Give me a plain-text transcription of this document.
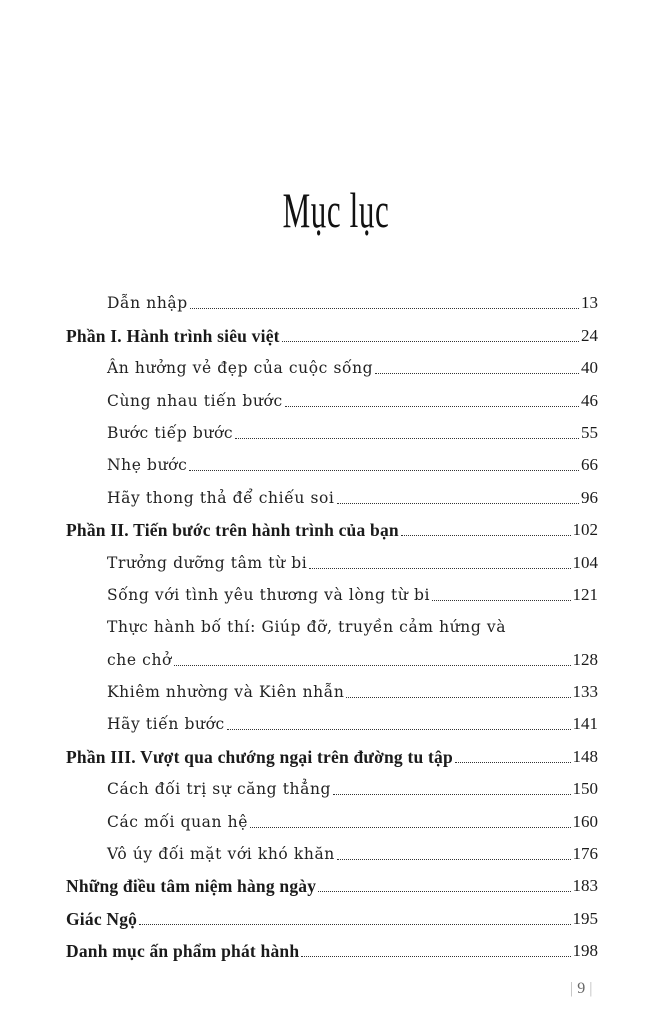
Mục lục
Dẫn nhập	13
Phần I. Hành trình siêu việt	24
Ân hưởng vẻ đẹp của cuộc sống	40
Cùng nhau tiến bước	46
Bước tiếp bước	55
Nhẹ bước	66
Hãy thong thả để chiếu soi	96
Phần II. Tiến bước trên hành trình của bạn	102
Trưởng dưỡng tâm từ bi	104
Sống với tình yêu thương và lòng từ bi	121
Thực hành bố thí: Giúp đỡ, truyền cảm hứng và
che chở	128
Khiêm nhường và Kiên nhẫn	133
Hãy tiến bước	141
Phần III. Vượt qua chướng ngại trên đường tu tập	148
Cách đối trị sự căng thẳng	150
Các mối quan hệ	160
Vô úy đối mặt với khó khăn	176
Những điều tâm niệm hàng ngày	183
Giác Ngộ	195
Danh mục ấn phẩm phát hành	198
| 9 |
